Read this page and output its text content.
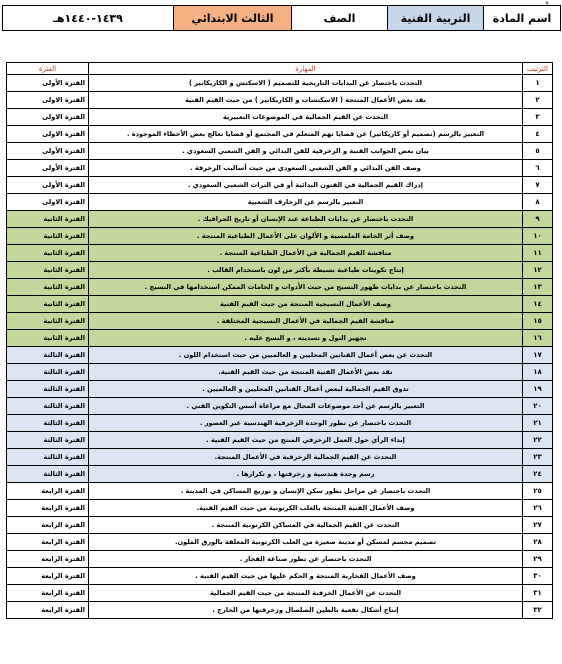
ه
اسم المادة	التربية الفنية	الصف	الثالث الابتدائي	١٤٣٩-١٤٤٠هـ
الترتيب	المهارة	الفترة
١	التحدث باختصار عن البدايات التاريخية للتصميم ( الاسكتش و الكاريكاتير )	الفترة الأولى
٢	نقد بعض الأعمال المنتجة ( الاسكتشات و الكاريكاتير ) من حيث القيم الفنية	الفترة الاولى
٣	التحدث عن القيم الجمالية في الموضوعات التعبيرية	الفترة الاولى
٤	التعبير بالرسم (تصميم أو كاريكاتير) عن قضايا تهم المتعلم في المجتمع أو قضايا تعالج بعض الأخطاء الموجودة .	الفترة الاولى
٥	بيان بعض الجوانب الفنية و الزخرفية للفن البدائي و الفن الشعبي السعودي .	الفترة الأولى
٦	وصف الفن البدائي و الفن الشعبي السعودي من حيث أساليب الزخرفة .	الفترة الأولى
٧	إدراك القيم الجمالية في الفنون البدائية أو في التراث الشعبي السعودي .	الفترة الأولى
٨	التعبير بالرسم عن الزخارف الشعبية	الفترة الاولى
٩	التحدث باختصار عن بدايات الطباعة عند الإنسان أو تاريخ الجرافيك .	الفترة الثانية
١٠	وصف أثر الخامة الملمسية و الألوان على الأعمال الطباعية المنتجة .	الفترة الثانية
١١	مناقشة القيم الجمالية في الأعمال الطباعية المنتجة .	الفترة الثانية
١٢	إنتاج تكوينات طباعية بسيطة بأكثر من لون باستخدام القالب .	الفترة الثانية
١٣	التحدث باختصار عن بدايات ظهور النسيج من حيث الأدوات و الخامات الممكن استخدامها في النسيج .	الفترة الثانية
١٤	وصف الأعمال النسيجية المنتجة من حيث القيم الفنية	الفترة الثانية
١٥	مناقشة القيم الجمالية في الأعمال النسيجية المختلفة .	الفترة الثانية
١٦	تجهيز النول و تسديته ، و النسج عليه .	الفترة الثانية
١٧	التحدث عن بعض أعمال الفنانين المحليين و العالميين من حيث استخدام اللون .	الفترة الثالثة
١٨	نقد بعض الأعمال الفنية المنتجة من حيث القيم الفنية.	الفترة الثالثة
١٩	تذوق القيم الجمالية لبعض أعمال الفنانين المحليين و العالميين .	الفترة الثالثة
٢٠	التعبير بالرسم عن أحد موضوعات المجال مع مراعاة أسس التكوين الفني .	الفترة الثالثة
٢١	التحدث باختصار عن تطور الوحدة الزخرفية الهندسية عبر العصور .	الفترة الثالثة
٢٢	إبداء الرأي حول العمل الزخرفي المنتج من حيث القيم الفنية .	الفترة الثالثة
٢٣	التحدث عن القيم الجمالية الزخرفية في الأعمال المنتجة.	الفترة الثالثة
٢٤	رسم وحدة هندسية و زخرفتها ، و تكرارها .	الفترة الثالثة
٢٥	التحدث باختصار عن مراحل تطور سكن الإنسان و توزيع المساكن في المدينة .	الفترة الرابعة
٢٦	وصف الأعمال الفنية المنتجة بالعلب الكرتونية من حيث القيم الفنية.	الفترة الرابعة
٢٧	التحدث عن القيم الجمالية في المساكن الكرتونية المنتجة .	الفترة الرابعة
٢٨	تصميم مجسم لمسكن أو مدينة صغيرة من العلب الكرتونية المغلفة بالورق الملون.	الفترة الرابعة
٢٩	التحدث باختصار عن تطور صناعة الفخار .	الفترة الرابعة
٣٠	وصف الأعمال الفخارية المنتجة و الحكم عليها من حيث القيم الفنية .	الفترة الرابعة
٣١	التحدث عن الأعمال الخزفية المنتجة من حيث القيم الجمالية	الفترة الرابعة
٣٢	إنتاج أشكال نفعية بالطين الصلصال وزخرفتها من الخارج .	الفترة الرابعة
